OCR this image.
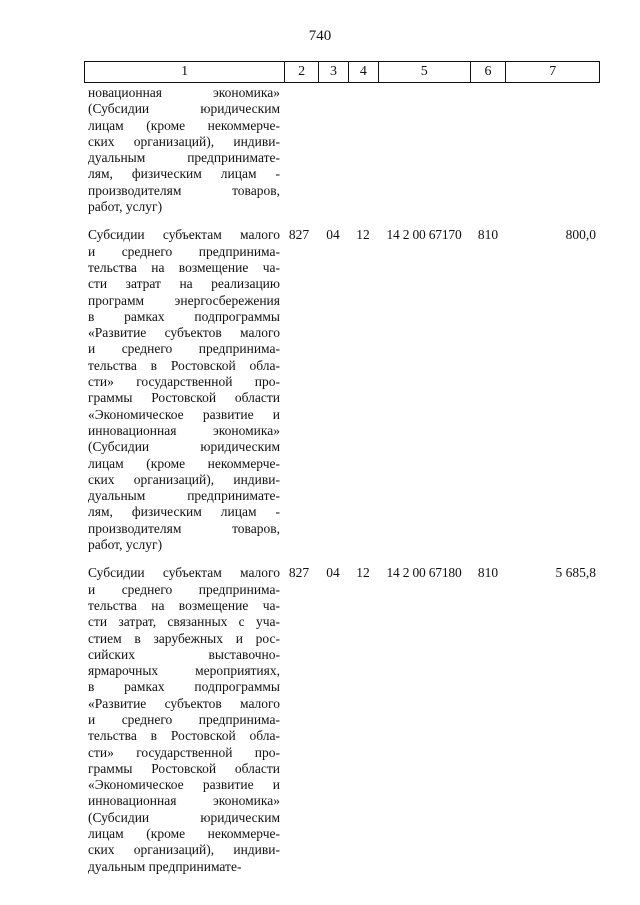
740
1	2	3	4	5	6	7
новационная экономика»
(Субсидии юридическим
лицам (кроме некоммерче-
ских организаций), индиви-
дуальным предпринимате-
лям, физическим лицам -
производителям товаров,
работ, услуг)
Субсидии субъектам малого
и среднего предпринима-
тельства на возмещение ча-
сти затрат на реализацию
программ энергосбережения
в рамках подпрограммы
«Развитие субъектов малого
и среднего предпринима-
тельства в Ростовской обла-
сти» государственной про-
граммы Ростовской области
«Экономическое развитие и
инновационная экономика»
(Субсидии юридическим
лицам (кроме некоммерче-
ских организаций), индиви-
дуальным предпринимате-
лям, физическим лицам -
производителям товаров,
работ, услуг)
827	04	12	14 2 00 67170	810	800,0
Субсидии субъектам малого
и среднего предпринима-
тельства на возмещение ча-
сти затрат, связанных с уча-
стием в зарубежных и рос-
сийских выставочно-
ярмарочных мероприятиях,
в рамках подпрограммы
«Развитие субъектов малого
и среднего предпринима-
тельства в Ростовской обла-
сти» государственной про-
граммы Ростовской области
«Экономическое развитие и
инновационная экономика»
(Субсидии юридическим
лицам (кроме некоммерче-
ских организаций), индиви-
дуальным предпринимате-
827	04	12	14 2 00 67180	810	5 685,8
